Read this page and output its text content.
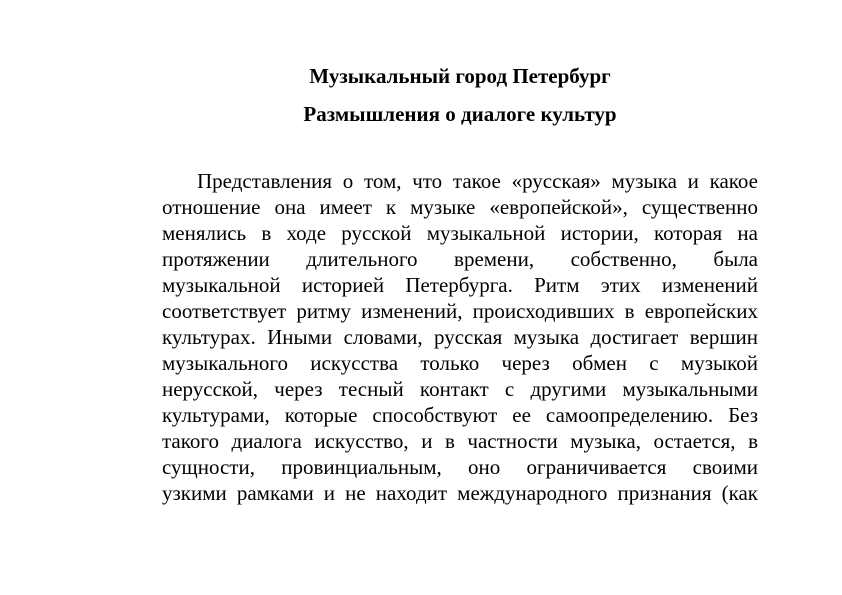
Музыкальный город Петербург
Размышления о диалоге культур
Представления о том, что такое «русская» музыка и какое
отношение она имеет к музыке «европейской», существенно
менялись в ходе русской музыкальной истории, которая на
протяжении длительного времени, собственно, была
музыкальной историей Петербурга. Ритм этих изменений
соответствует ритму изменений, происходивших в европейских
культурах. Иными словами, русская музыка достигает вершин
музыкального искусства только через обмен с музыкой
нерусской, через тесный контакт с другими музыкальными
культурами, которые способствуют ее самоопределению. Без
такого диалога искусство, и в частности музыка, остается, в
сущности, провинциальным, оно ограничивается своими
узкими рамками и не находит международного признания (как
